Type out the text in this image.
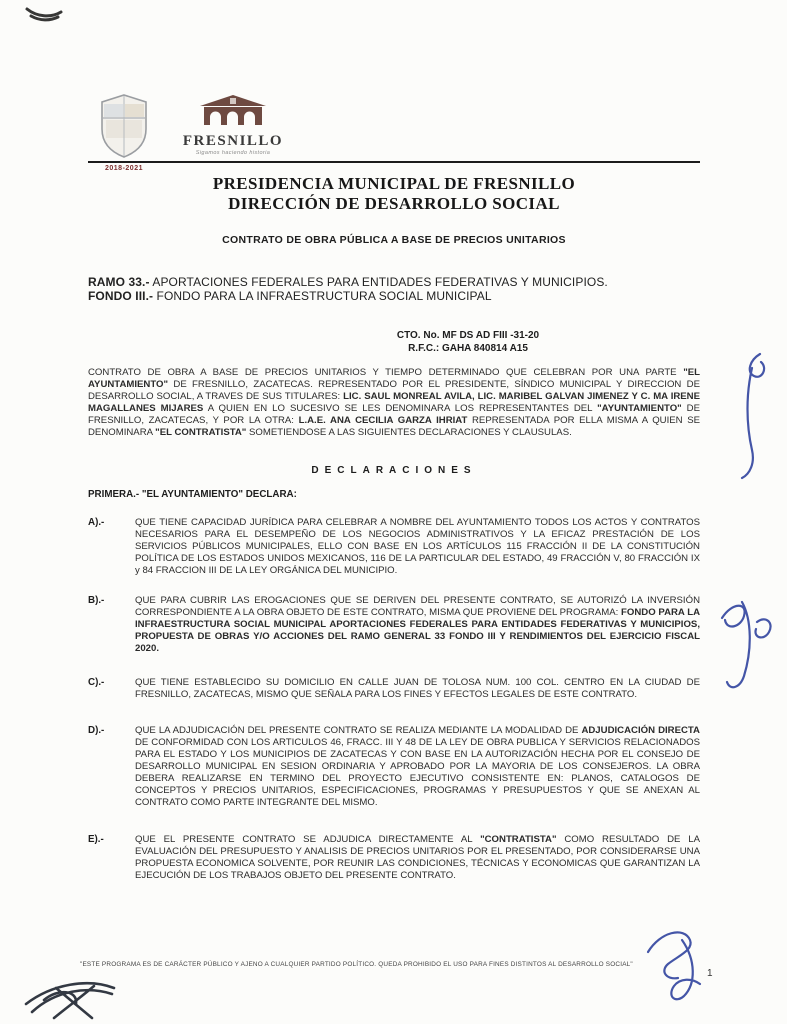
2018-2021
FRESNILLO
Sigamos haciendo historia
PRESIDENCIA MUNICIPAL DE FRESNILLO
DIRECCIÓN DE DESARROLLO SOCIAL
CONTRATO DE OBRA PÚBLICA A BASE DE PRECIOS UNITARIOS

RAMO 33.- APORTACIONES FEDERALES PARA ENTIDADES FEDERATIVAS Y MUNICIPIOS.

FONDO III.- FONDO PARA LA INFRAESTRUCTURA SOCIAL MUNICIPAL

CTO. No. MF DS AD FIII -31-20
R.F.C.: GAHA 840814 A15

CONTRATO DE OBRA A BASE DE PRECIOS UNITARIOS Y TIEMPO DETERMINADO QUE CELEBRAN POR UNA PARTE "EL AYUNTAMIENTO" DE FRESNILLO, ZACATECAS. REPRESENTADO POR EL PRESIDENTE, SÍNDICO MUNICIPAL Y DIRECCION DE DESARROLLO SOCIAL, A TRAVES DE SUS TITULARES: LIC. SAUL MONREAL AVILA, LIC. MARIBEL GALVAN JIMENEZ Y C. MA IRENE MAGALLANES MIJARES A QUIEN EN LO SUCESIVO SE LES DENOMINARA LOS REPRESENTANTES DEL "AYUNTAMIENTO" DE FRESNILLO, ZACATECAS, Y POR LA OTRA: L.A.E. ANA CECILIA GARZA IHRIAT REPRESENTADA POR ELLA MISMA A QUIEN SE DENOMINARA "EL CONTRATISTA" SOMETIENDOSE A LAS SIGUIENTES DECLARACIONES Y CLAUSULAS.

DECLARACIONES
PRIMERA.- "EL AYUNTAMIENTO" DECLARA:
A).-	QUE TIENE CAPACIDAD JURÍDICA PARA CELEBRAR A NOMBRE DEL AYUNTAMIENTO TODOS LOS ACTOS Y CONTRATOS NECESARIOS PARA EL DESEMPEÑO DE LOS NEGOCIOS ADMINISTRATIVOS Y LA EFICAZ PRESTACIÓN DE LOS SERVICIOS PÚBLICOS MUNICIPALES, ELLO CON BASE EN LOS ARTÍCULOS 115 FRACCIÓN II DE LA CONSTITUCIÓN POLÍTICA DE LOS ESTADOS UNIDOS MEXICANOS, 116 DE LA PARTICULAR DEL ESTADO, 49 FRACCIÓN V, 80 FRACCIÓN IX y 84 FRACCION III DE LA LEY ORGÁNICA DEL MUNICIPIO.

B).-	QUE PARA CUBRIR LAS EROGACIONES QUE SE DERIVEN DEL PRESENTE CONTRATO, SE AUTORIZÓ LA INVERSIÓN CORRESPONDIENTE A LA OBRA OBJETO DE ESTE CONTRATO, MISMA QUE PROVIENE DEL PROGRAMA: FONDO PARA LA INFRAESTRUCTURA SOCIAL MUNICIPAL APORTACIONES FEDERALES PARA ENTIDADES FEDERATIVAS Y MUNICIPIOS, PROPUESTA DE OBRAS Y/O ACCIONES DEL RAMO GENERAL 33 FONDO III Y RENDIMIENTOS DEL EJERCICIO FISCAL 2020.

C).-	QUE TIENE ESTABLECIDO SU DOMICILIO EN CALLE JUAN DE TOLOSA NUM. 100 COL. CENTRO EN LA CIUDAD DE FRESNILLO, ZACATECAS, MISMO QUE SEÑALA PARA LOS FINES Y EFECTOS LEGALES DE ESTE CONTRATO.

D).-	QUE LA ADJUDICACIÓN DEL PRESENTE CONTRATO SE REALIZA MEDIANTE LA MODALIDAD DE ADJUDICACIÓN DIRECTA DE CONFORMIDAD CON LOS ARTICULOS 46, FRACC. III Y 48 DE LA LEY DE OBRA PUBLICA Y SERVICIOS RELACIONADOS PARA EL ESTADO Y LOS MUNICIPIOS DE ZACATECAS Y CON BASE EN LA AUTORIZACIÓN HECHA POR EL CONSEJO DE DESARROLLO MUNICIPAL EN SESION ORDINARIA Y APROBADO POR LA MAYORIA DE LOS CONSEJEROS. LA OBRA DEBERA REALIZARSE EN TERMINO DEL PROYECTO EJECUTIVO CONSISTENTE EN: PLANOS, CATALOGOS DE CONCEPTOS Y PRECIOS UNITARIOS, ESPECIFICACIONES, PROGRAMAS Y PRESUPUESTOS Y QUE SE ANEXAN AL CONTRATO COMO PARTE INTEGRANTE DEL MISMO.

E).-	QUE EL PRESENTE CONTRATO SE ADJUDICA DIRECTAMENTE AL "CONTRATISTA" COMO RESULTADO DE LA EVALUACIÓN DEL PRESUPUESTO Y ANALISIS DE PRECIOS UNITARIOS POR EL PRESENTADO, POR CONSIDERARSE UNA PROPUESTA ECONOMICA SOLVENTE, POR REUNIR LAS CONDICIONES, TÉCNICAS Y ECONOMICAS QUE GARANTIZAN LA EJECUCIÓN DE LOS TRABAJOS OBJETO DEL PRESENTE CONTRATO.

"ESTE PROGRAMA ES DE CARÁCTER PÚBLICO Y AJENO A CUALQUIER PARTIDO POLÍTICO. QUEDA PROHIBIDO EL USO PARA FINES DISTINTOS AL DESARROLLO SOCIAL"
1
